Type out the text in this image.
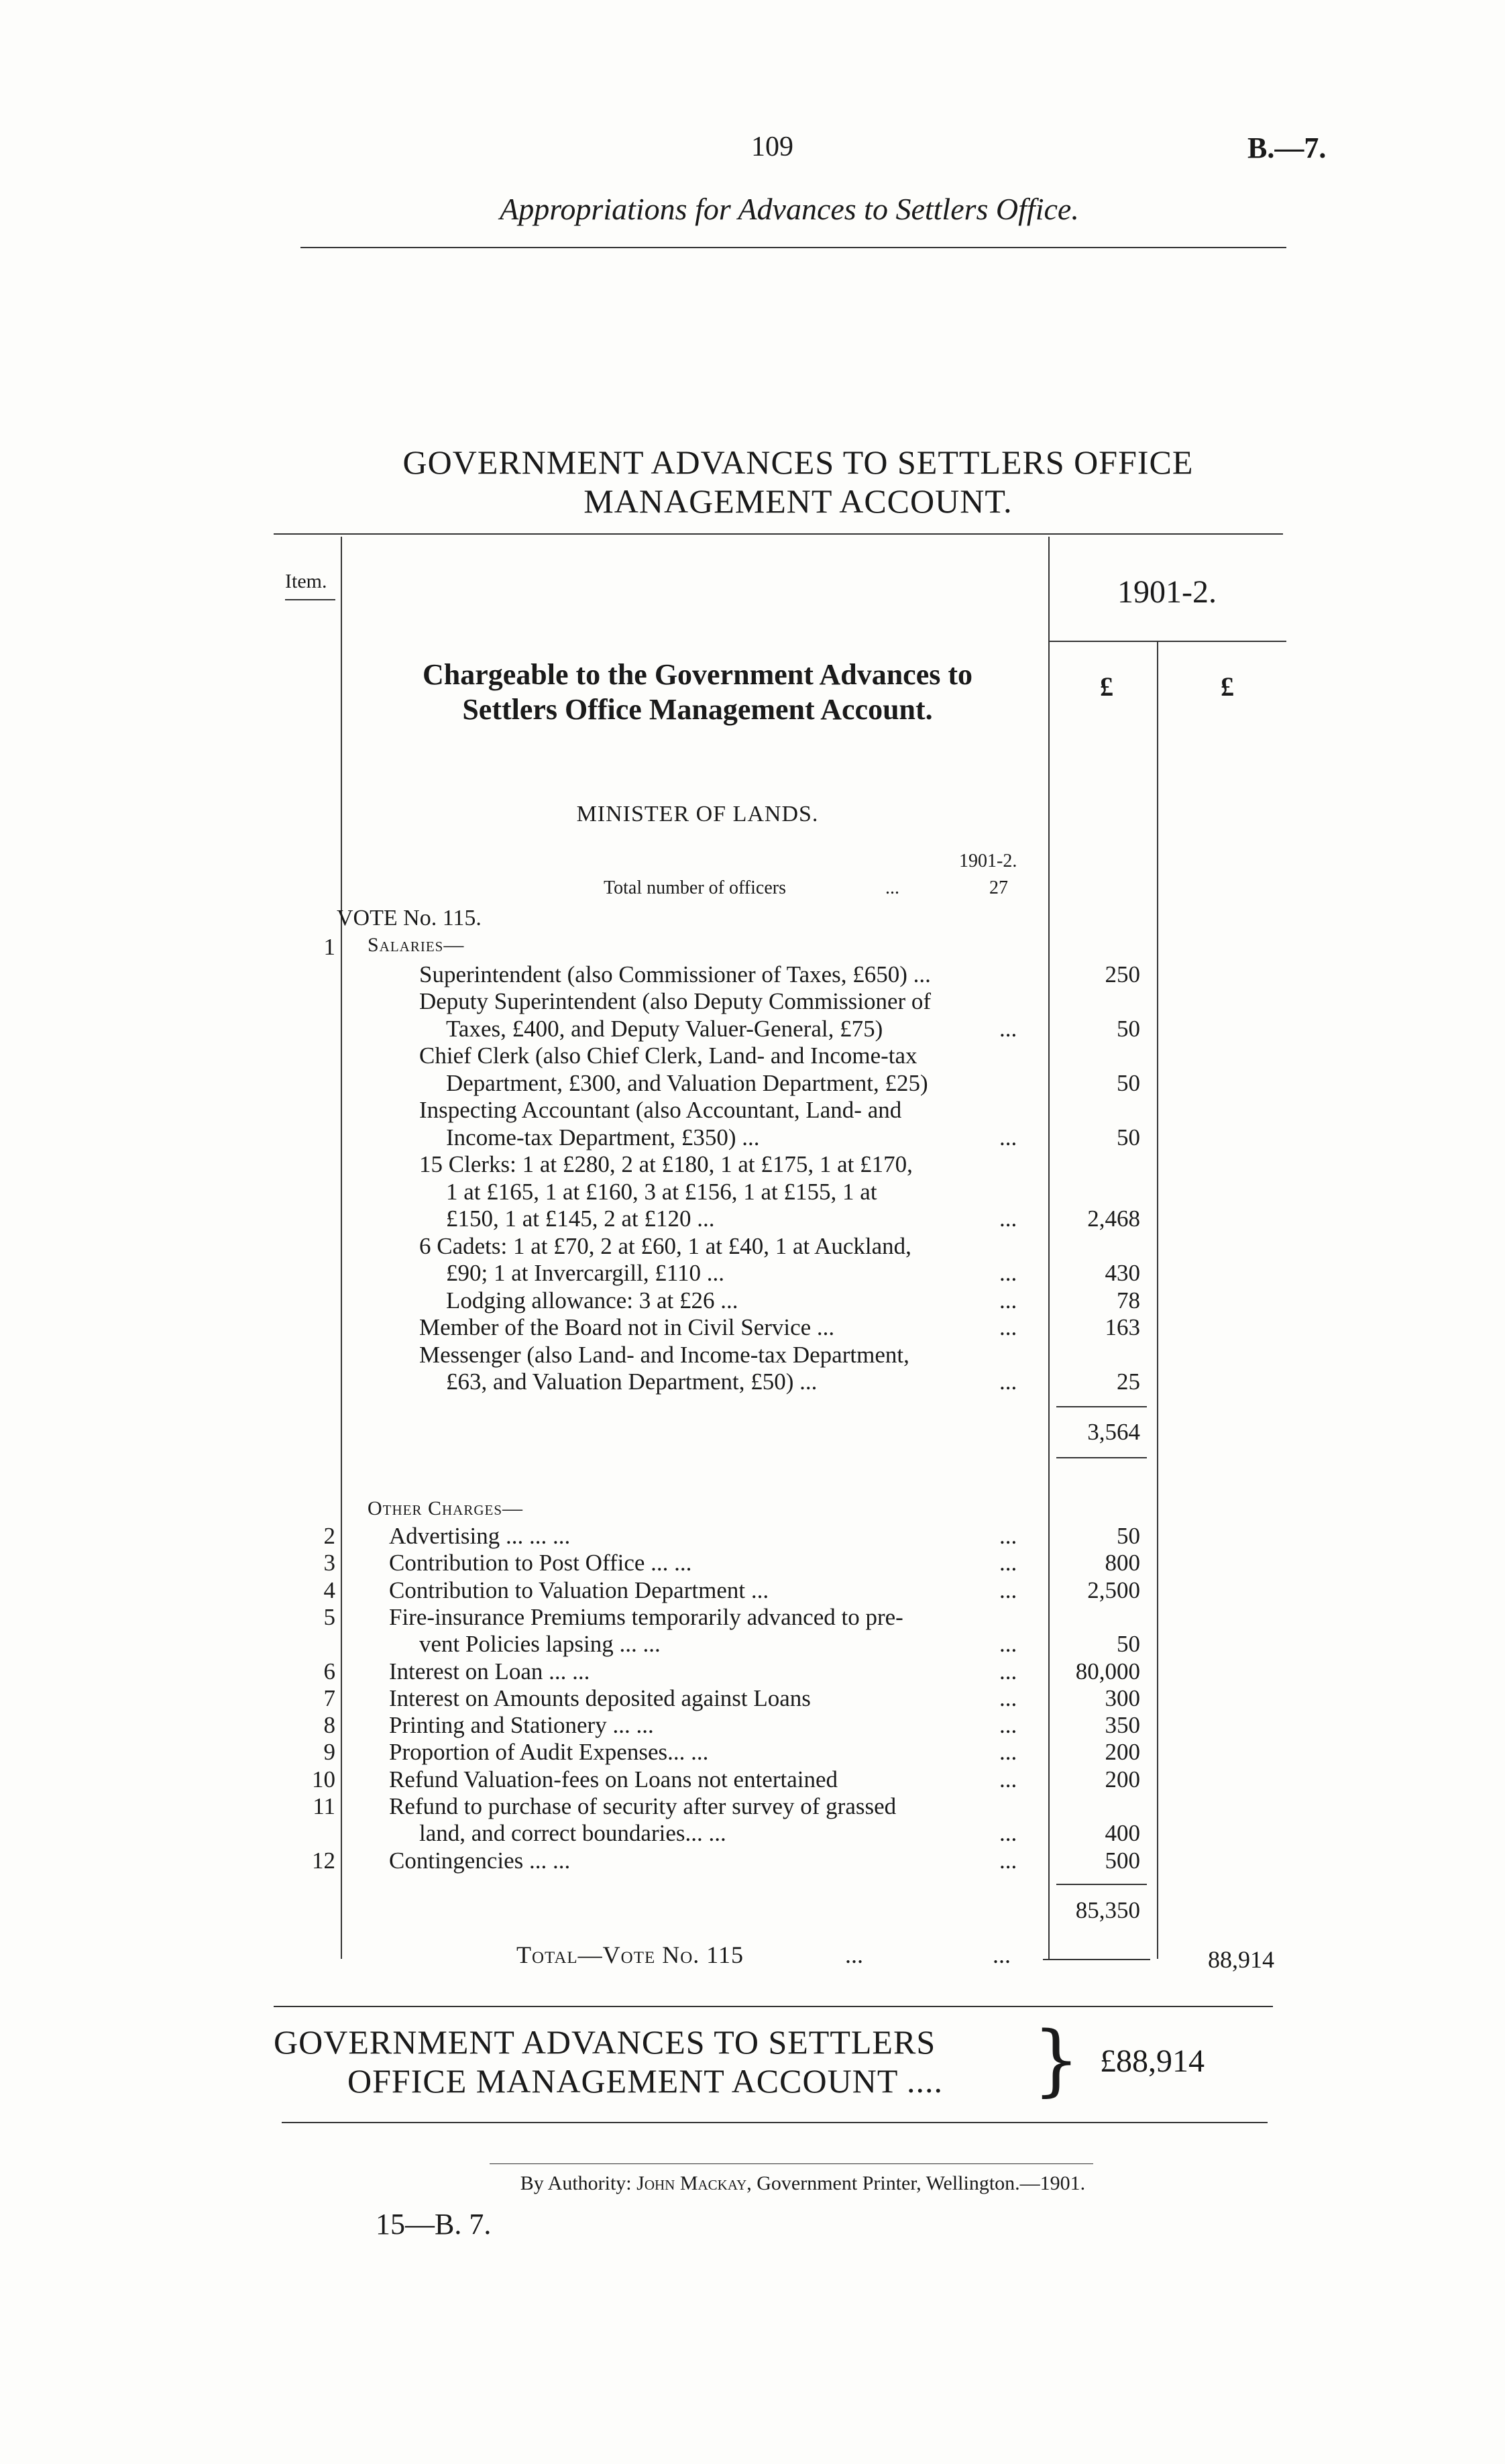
109	B.—7.
Appropriations for Advances to Settlers Office.
GOVERNMENT ADVANCES TO SETTLERS OFFICE
MANAGEMENT ACCOUNT.
Item.	1901-2.
£	£
Chargeable to the Government Advances to
Settlers Office Management Account.
MINISTER OF LANDS.
1901-2.
Total number of officers	...	27
VOTE No. 115.
Salaries—
1
Superintendent (also Commissioner of Taxes, £650) ...	250
Deputy Superintendent (also Deputy Commissioner of
Taxes, £400, and Deputy Valuer-General, £75)	...	50
Chief Clerk (also Chief Clerk, Land- and Income-tax
Department, £300, and Valuation Department, £25)	50
Inspecting Accountant (also Accountant, Land- and
Income-tax Department, £350) ...	...	50
15 Clerks: 1 at £280, 2 at £180, 1 at £175, 1 at £170,
1 at £165, 1 at £160, 3 at £156, 1 at £155, 1 at
£150, 1 at £145, 2 at £120 ...	...	2,468
6 Cadets: 1 at £70, 2 at £60, 1 at £40, 1 at Auckland,
£90; 1 at Invercargill, £110 ...	...	430
Lodging allowance: 3 at £26 ...	...	78
Member of the Board not in Civil Service ...	...	163
Messenger (also Land- and Income-tax Department,
£63, and Valuation Department, £50) ...	...	25
3,564
Other Charges—
2 Advertising ... ... ...	...	50
3 Contribution to Post Office ... ...	...	800
4 Contribution to Valuation Department ...	...	2,500
5 Fire-insurance Premiums temporarily advanced to pre-
vent Policies lapsing ... ...	...	50
6 Interest on Loan ... ...	...	80,000
7 Interest on Amounts deposited against Loans	...	300
8 Printing and Stationery ... ...	...	350
9 Proportion of Audit Expenses... ...	...	200
10 Refund Valuation-fees on Loans not entertained	...	200
11 Refund to purchase of security after survey of grassed
land, and correct boundaries... ...	...	400
12 Contingencies ... ...	...	500
85,350
Total—Vote No. 115	...	...	88,914
GOVERNMENT ADVANCES TO SETTLERS
OFFICE MANAGEMENT ACCOUNT ....	} £88,914
By Authority: John Mackay, Government Printer, Wellington.—1901.
15—B. 7.
